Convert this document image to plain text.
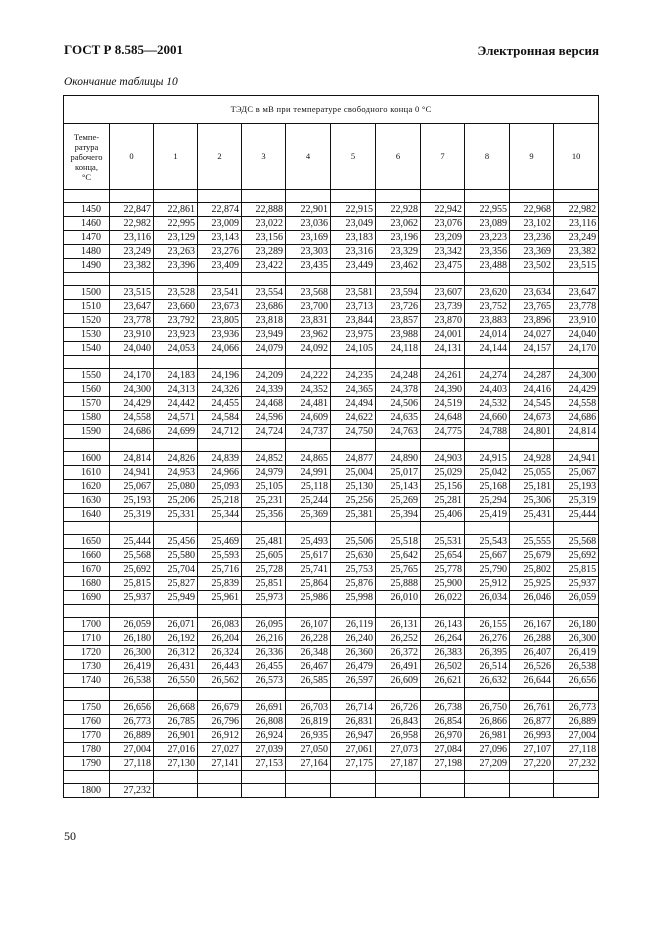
ГОСТ Р 8.585—2001	Электронная версия
Окончание таблицы 10
ТЭДС в мВ при температуре свободного конца 0 °С											
Темпе-
ратура
рабочего
конца,
°С	0	1	2	3	4	5	6	7	8	9	10

1450	22,847	22,861	22,874	22,888	22,901	22,915	22,928	22,942	22,955	22,968	22,982
1460	22,982	22,995	23,009	23,022	23,036	23,049	23,062	23,076	23,089	23,102	23,116
1470	23,116	23,129	23,143	23,156	23,169	23,183	23,196	23,209	23,223	23,236	23,249
1480	23,249	23,263	23,276	23,289	23,303	23,316	23,329	23,342	23,356	23,369	23,382
1490	23,382	23,396	23,409	23,422	23,435	23,449	23,462	23,475	23,488	23,502	23,515

1500	23,515	23,528	23,541	23,554	23,568	23,581	23,594	23,607	23,620	23,634	23,647
1510	23,647	23,660	23,673	23,686	23,700	23,713	23,726	23,739	23,752	23,765	23,778
1520	23,778	23,792	23,805	23,818	23,831	23,844	23,857	23,870	23,883	23,896	23,910
1530	23,910	23,923	23,936	23,949	23,962	23,975	23,988	24,001	24,014	24,027	24,040
1540	24,040	24,053	24,066	24,079	24,092	24,105	24,118	24,131	24,144	24,157	24,170

1550	24,170	24,183	24,196	24,209	24,222	24,235	24,248	24,261	24,274	24,287	24,300
1560	24,300	24,313	24,326	24,339	24,352	24,365	24,378	24,390	24,403	24,416	24,429
1570	24,429	24,442	24,455	24,468	24,481	24,494	24,506	24,519	24,532	24,545	24,558
1580	24,558	24,571	24,584	24,596	24,609	24,622	24,635	24,648	24,660	24,673	24,686
1590	24,686	24,699	24,712	24,724	24,737	24,750	24,763	24,775	24,788	24,801	24,814

1600	24,814	24,826	24,839	24,852	24,865	24,877	24,890	24,903	24,915	24,928	24,941
1610	24,941	24,953	24,966	24,979	24,991	25,004	25,017	25,029	25,042	25,055	25,067
1620	25,067	25,080	25,093	25,105	25,118	25,130	25,143	25,156	25,168	25,181	25,193
1630	25,193	25,206	25,218	25,231	25,244	25,256	25,269	25,281	25,294	25,306	25,319
1640	25,319	25,331	25,344	25,356	25,369	25,381	25,394	25,406	25,419	25,431	25,444

1650	25,444	25,456	25,469	25,481	25,493	25,506	25,518	25,531	25,543	25,555	25,568
1660	25,568	25,580	25,593	25,605	25,617	25,630	25,642	25,654	25,667	25,679	25,692
1670	25,692	25,704	25,716	25,728	25,741	25,753	25,765	25,778	25,790	25,802	25,815
1680	25,815	25,827	25,839	25,851	25,864	25,876	25,888	25,900	25,912	25,925	25,937
1690	25,937	25,949	25,961	25,973	25,986	25,998	26,010	26,022	26,034	26,046	26,059

1700	26,059	26,071	26,083	26,095	26,107	26,119	26,131	26,143	26,155	26,167	26,180
1710	26,180	26,192	26,204	26,216	26,228	26,240	26,252	26,264	26,276	26,288	26,300
1720	26,300	26,312	26,324	26,336	26,348	26,360	26,372	26,383	26,395	26,407	26,419
1730	26,419	26,431	26,443	26,455	26,467	26,479	26,491	26,502	26,514	26,526	26,538
1740	26,538	26,550	26,562	26,573	26,585	26,597	26,609	26,621	26,632	26,644	26,656

1750	26,656	26,668	26,679	26,691	26,703	26,714	26,726	26,738	26,750	26,761	26,773
1760	26,773	26,785	26,796	26,808	26,819	26,831	26,843	26,854	26,866	26,877	26,889
1770	26,889	26,901	26,912	26,924	26,935	26,947	26,958	26,970	26,981	26,993	27,004
1780	27,004	27,016	27,027	27,039	27,050	27,061	27,073	27,084	27,096	27,107	27,118
1790	27,118	27,130	27,141	27,153	27,164	27,175	27,187	27,198	27,209	27,220	27,232

1800	27,232										
50
